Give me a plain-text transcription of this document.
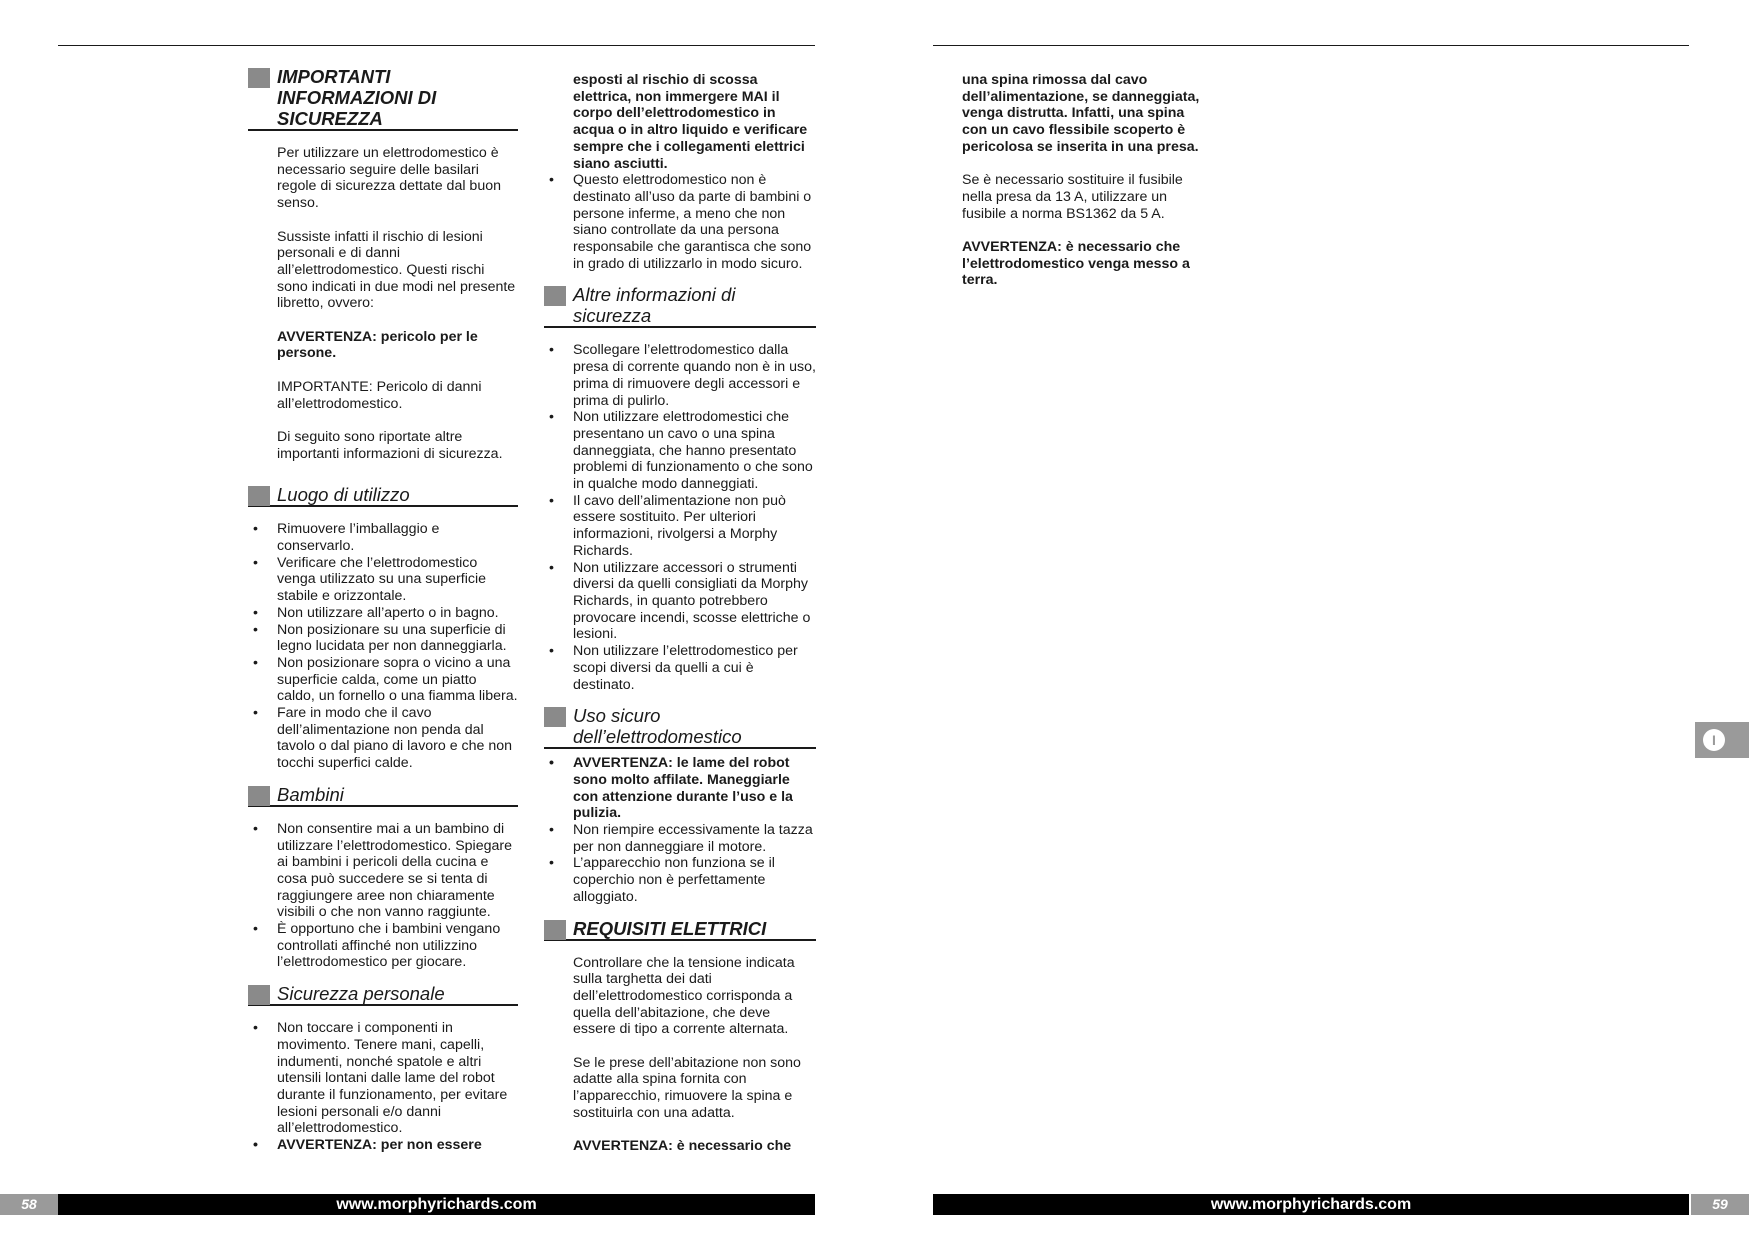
IMPORTANTI INFORMAZIONI DI SICUREZZA

Per utilizzare un elettrodomestico è necessario seguire delle basilari regole di sicurezza dettate dal buon senso.

Sussiste infatti il rischio di lesioni personali e di danni all’elettrodomestico. Questi rischi sono indicati in due modi nel presente libretto, ovvero:

AVVERTENZA: pericolo per le persone.

IMPORTANTE: Pericolo di danni all’elettrodomestico.

Di seguito sono riportate altre importanti informazioni di sicurezza.

Luogo di utilizzo
• Rimuovere l’imballaggio e conservarlo.
• Verificare che l’elettrodomestico venga utilizzato su una superficie stabile e orizzontale.
• Non utilizzare all’aperto o in bagno.
• Non posizionare su una superficie di legno lucidata per non danneggiarla.
• Non posizionare sopra o vicino a una superficie calda, come un piatto caldo, un fornello o una fiamma libera.
• Fare in modo che il cavo dell’alimentazione non penda dal tavolo o dal piano di lavoro e che non tocchi superfici calde.
Bambini
• Non consentire mai a un bambino di utilizzare l’elettrodomestico. Spiegare ai bambini i pericoli della cucina e cosa può succedere se si tenta di raggiungere aree non chiaramente visibili o che non vanno raggiunte.
• È opportuno che i bambini vengano controllati affinché non utilizzino l’elettrodomestico per giocare.
Sicurezza personale
• Non toccare i componenti in movimento. Tenere mani, capelli, indumenti, nonché spatole e altri utensili lontani dalle lame del robot durante il funzionamento, per evitare lesioni personali e/o danni all’elettrodomestico.
• AVVERTENZA: per non essere
esposti al rischio di scossa elettrica, non immergere MAI il corpo dell’elettrodomestico in acqua o in altro liquido e verificare sempre che i collegamenti elettrici siano asciutti.
• Questo elettrodomestico non è destinato all’uso da parte di bambini o persone inferme, a meno che non siano controllate da una persona responsabile che garantisca che sono in grado di utilizzarlo in modo sicuro.
Altre informazioni di sicurezza
• Scollegare l’elettrodomestico dalla presa di corrente quando non è in uso, prima di rimuovere degli accessori e prima di pulirlo.
• Non utilizzare elettrodomestici che presentano un cavo o una spina danneggiata, che hanno presentato problemi di funzionamento o che sono in qualche modo danneggiati.
• Il cavo dell’alimentazione non può essere sostituito. Per ulteriori informazioni, rivolgersi a Morphy Richards.
• Non utilizzare accessori o strumenti diversi da quelli consigliati da Morphy Richards, in quanto potrebbero provocare incendi, scosse elettriche o lesioni.
• Non utilizzare l’elettrodomestico per scopi diversi da quelli a cui è destinato.
Uso sicuro dell’elettrodomestico
• AVVERTENZA: le lame del robot sono molto affilate. Maneggiarle con attenzione durante l’uso e la pulizia.
• Non riempire eccessivamente la tazza per non danneggiare il motore.
• L’apparecchio non funziona se il coperchio non è perfettamente alloggiato.
REQUISITI ELETTRICI

Controllare che la tensione indicata sulla targhetta dei dati dell’elettrodomestico corrisponda a quella dell’abitazione, che deve essere di tipo a corrente alternata.

Se le prese dell’abitazione non sono adatte alla spina fornita con l’apparecchio, rimuovere la spina e sostituirla con una adatta.

AVVERTENZA: è necessario che

una spina rimossa dal cavo dell’alimentazione, se danneggiata, venga distrutta. Infatti, una spina con un cavo flessibile scoperto è pericolosa se inserita in una presa.

Se è necessario sostituire il fusibile nella presa da 13 A, utilizzare un fusibile a norma BS1362 da 5 A.

AVVERTENZA: è necessario che l’elettrodomestico venga messo a terra.

I
58	www.morphyrichards.com	www.morphyrichards.com	59
